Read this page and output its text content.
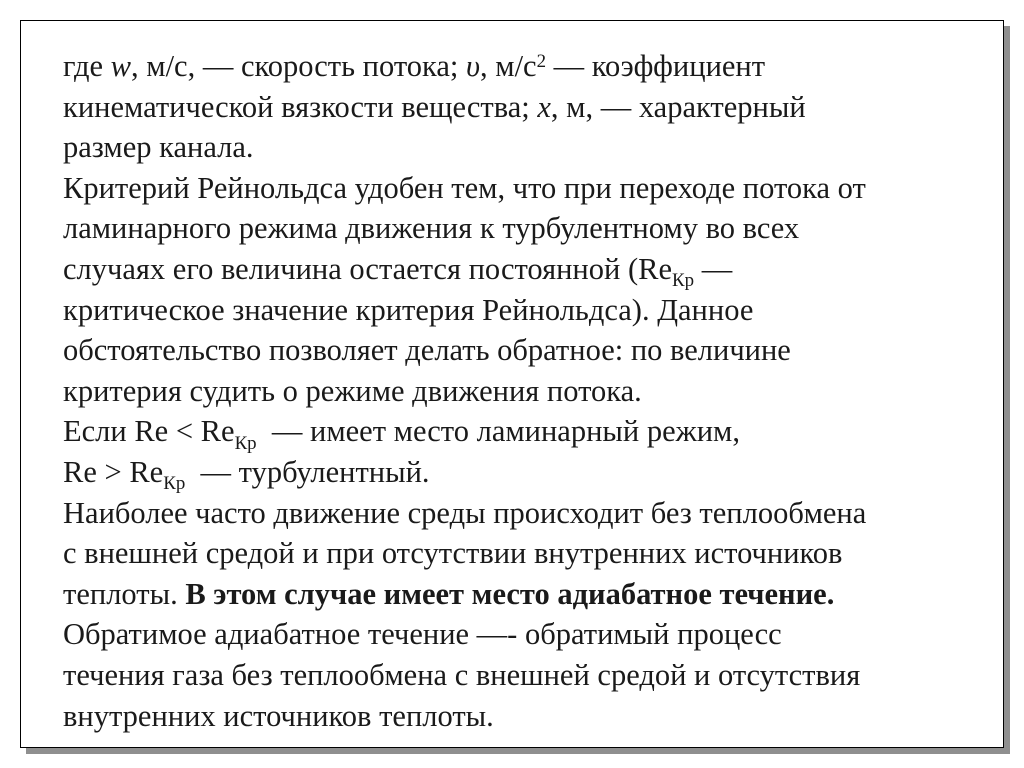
где w, м/с, — скорость потока; υ, $м/с^2$ — коэффициент
кинематической вязкости вещества; x, м, — характерный
размер канала.
Критерий Рейнольдса удобен тем, что при переходе потока от
ламинарного режима движения к турбулентному во всех
случаях его величина остается постоянной ($Re_{Кр}$ —
критическое значение критерия Рейнольдса). Данное
обстоятельство позволяет делать обратное: по величине
критерия судить о режиме движения потока.
Если $Re < Re_{Кр}$  — имеет место ламинарный режим,
$Re > Re_{Кр}$  — турбулентный.
Наиболее часто движение среды происходит без теплообмена
с внешней средой и при отсутствии внутренних источников
теплоты. В этом случае имеет место адиабатное течение.
Обратимое адиабатное течение —- обратимый процесс
течения газа без теплообмена с внешней средой и отсутствия
внутренних источников теплоты.
